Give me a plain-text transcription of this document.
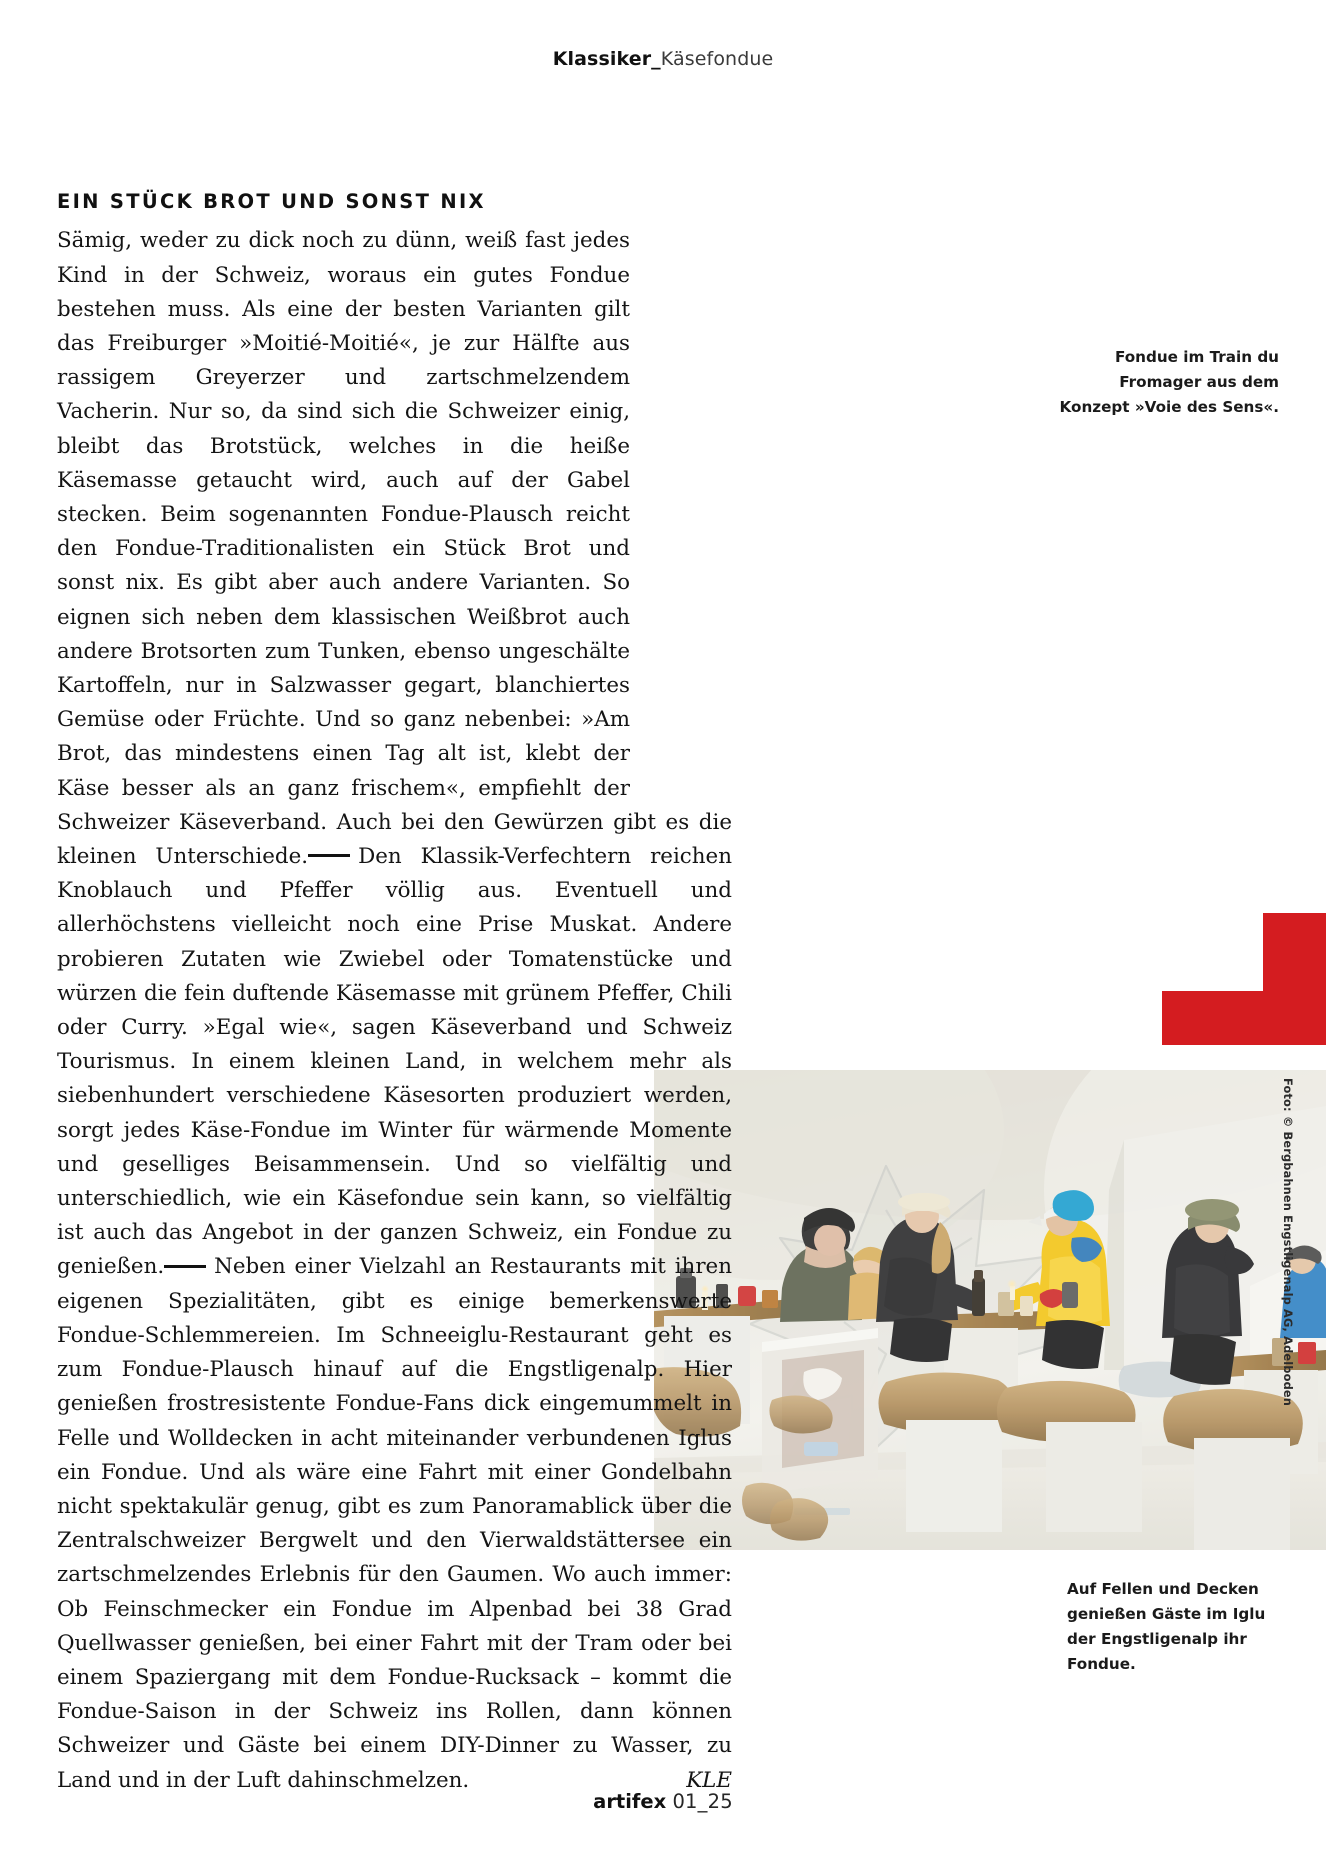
Klassiker_Käsefondue
Foto: © Bergbahnen Engstligenalp AG, Adelboden
Fondue im Train du Fromager aus dem Konzept »Voie des Sens«.
Auf Fellen und Decken genießen Gäste im Iglu der Engstligenalp ihr Fondue.
EIN STÜCK BROT UND SONST NIX

Sämig, weder zu dick noch zu dünn, weiß fast jedes Kind in der Schweiz, woraus ein gutes Fondue bestehen muss. Als eine der besten Varianten gilt das Freiburger »Moitié-Moitié«, je zur Hälfte aus rassigem Greyerzer und zartschmelzendem Vacherin. Nur so, da sind sich die Schweizer einig, bleibt das Brotstück, welches in die heiße Käsemasse getaucht wird, auch auf der Gabel stecken. Beim sogenannten Fondue-Plausch reicht den Fondue-Traditionalisten ein Stück Brot und sonst nix. Es gibt aber auch andere Varianten. So eignen sich neben dem klassischen Weißbrot auch andere Brotsorten zum Tunken, ebenso ungeschälte Kartoffeln, nur in Salzwasser gegart, blanchiertes Gemüse oder Früchte. Und so ganz nebenbei: »Am Brot, das mindestens einen Tag alt ist, klebt der Käse besser als an ganz frischem«, empfiehlt der Schweizer Käseverband. Auch bei den Gewürzen gibt es die kleinen Unterschiede. Den Klassik-Verfechtern reichen Knoblauch und Pfeffer völlig aus. Eventuell und allerhöchstens vielleicht noch eine Prise Muskat. Andere probieren Zutaten wie Zwiebel oder Tomatenstücke und würzen die fein duftende Käsemasse mit grünem Pfeffer, Chili oder Curry. »Egal wie«, sagen Käseverband und Schweiz Tourismus. In einem kleinen Land, in welchem mehr als siebenhundert verschiedene Käsesorten produziert werden, sorgt jedes Käse-Fondue im Winter für wärmende Momente und geselliges Beisammensein. Und so vielfältig und unterschiedlich, wie ein Käsefondue sein kann, so vielfältig ist auch das Angebot in der ganzen Schweiz, ein Fondue zu genießen. Neben einer Vielzahl an Restaurants mit ihren eigenen Spezialitäten, gibt es einige bemerkenswerte Fondue-Schlemmereien. Im Schneeiglu-Restaurant geht es zum Fondue-Plausch hinauf auf die Engstligenalp. Hier genießen frostresistente Fondue-Fans dick eingemummelt in Felle und Wolldecken in acht miteinander verbundenen Iglus ein Fondue. Und als wäre eine Fahrt mit einer Gondelbahn nicht spektakulär genug, gibt es zum Panoramablick über die Zentralschweizer Bergwelt und den Vierwaldstättersee ein zartschmelzendes Erlebnis für den Gaumen. Wo auch immer: Ob Feinschmecker ein Fondue im Alpenbad bei 38 Grad Quellwasser genießen, bei einer Fahrt mit der Tram oder bei einem Spaziergang mit dem Fondue-Rucksack – kommt die Fondue-Saison in der Schweiz ins Rollen, dann können Schweizer und Gäste bei einem DIY-Dinner zu Wasser, zu Land und in der Luft dahinschmelzen.	KLE

artifex 01_25
